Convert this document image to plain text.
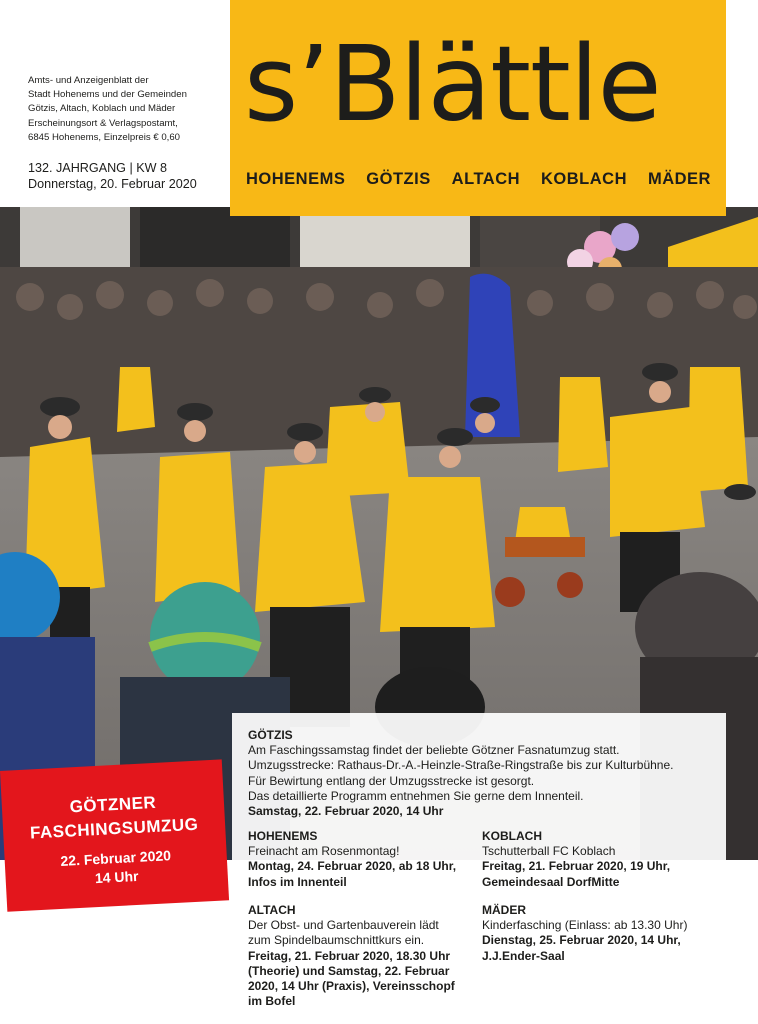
Amts- und Anzeigenblatt der
Stadt Hohenems und der Gemeinden
Götzis, Altach, Koblach und Mäder
Erscheinungsort & Verlagspostamt,
6845 Hohenems, Einzelpreis € 0,60
132. JAHRGANG | KW 8
Donnerstag, 20. Februar 2020
s’Blättle
HOHENEMS GÖTZIS ALTACH KOBLACH MÄDER
GÖTZIS
Am Faschingssamstag findet der beliebte Götzner Fasnatumzug statt.
Umzugsstrecke: Rathaus-Dr.-A.-Heinzle-Straße-Ringstraße bis zur Kulturbühne.
Für Bewirtung entlang der Umzugsstrecke ist gesorgt.
Das detaillierte Programm entnehmen Sie gerne dem Innenteil.
Samstag, 22. Februar 2020, 14 Uhr
HOHENEMS
Freinacht am Rosenmontag!
Montag, 24. Februar 2020, ab 18 Uhr,
Infos im Innenteil
ALTACH
Der Obst- und Gartenbauverein lädt
zum Spindelbaumschnittkurs ein.
Freitag, 21. Februar 2020, 18.30 Uhr
(Theorie) und Samstag, 22. Februar
2020, 14 Uhr (Praxis), Vereinsschopf
im Bofel
KOBLACH
Tschutterball FC Koblach
Freitag, 21. Februar 2020, 19 Uhr,
Gemeindesaal DorfMitte
MÄDER
Kinderfasching (Einlass: ab 13.30 Uhr)
Dienstag, 25. Februar 2020, 14 Uhr,
J.J.Ender-Saal
GÖTZNER
FASCHINGSUMZUG
22. Februar 2020
14 Uhr
